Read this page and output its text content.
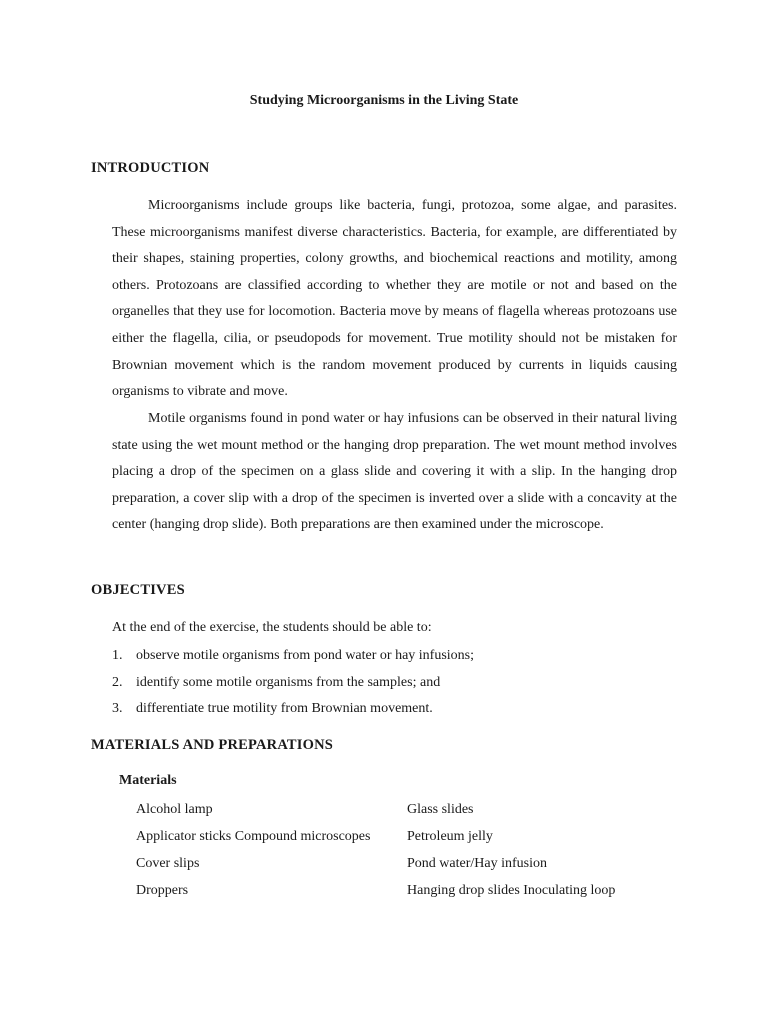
Studying Microorganisms in the Living State
INTRODUCTION

Microorganisms include groups like bacteria, fungi, protozoa, some algae, and parasites. These microorganisms manifest diverse characteristics. Bacteria, for example, are differentiated by their shapes, staining properties, colony growths, and biochemical reactions and motility, among others. Protozoans are classified according to whether they are motile or not and based on the organelles that they use for locomotion. Bacteria move by means of flagella whereas protozoans use either the flagella, cilia, or pseudopods for movement. True motility should not be mistaken for Brownian movement which is the random movement produced by currents in liquids causing organisms to vibrate and move.

Motile organisms found in pond water or hay infusions can be observed in their natural living state using the wet mount method or the hanging drop preparation. The wet mount method involves placing a drop of the specimen on a glass slide and covering it with a slip. In the hanging drop preparation, a cover slip with a drop of the specimen is inverted over a slide with a concavity at the center (hanging drop slide). Both preparations are then examined under the microscope.

OBJECTIVES
At the end of the exercise, the students should be able to:
1. observe motile organisms from pond water or hay infusions;
2. identify some motile organisms from the samples; and
3. differentiate true motility from Brownian movement.
MATERIALS AND PREPARATIONS
Materials
Alcohol lamp	Glass slides
Applicator sticks Compound microscopes	Petroleum jelly
Cover slips	Pond water/Hay infusion
Droppers	Hanging drop slides Inoculating loop
